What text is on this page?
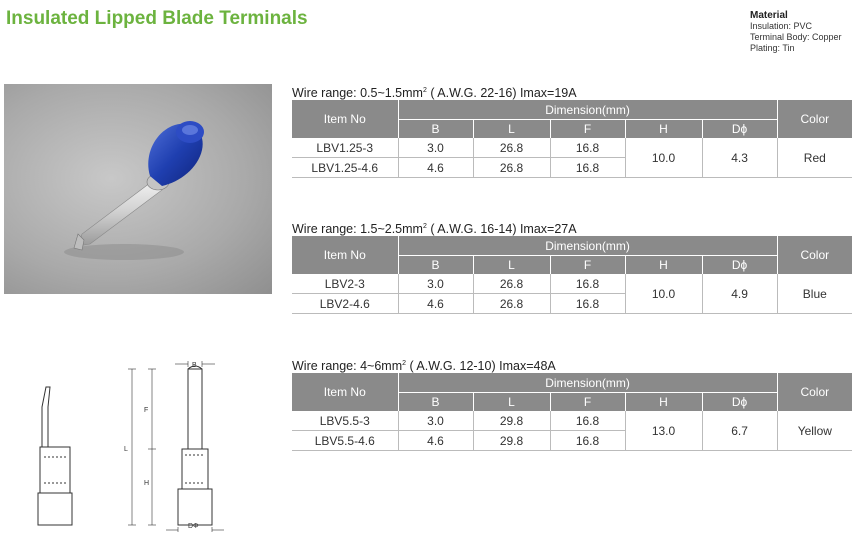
Insulated Lipped Blade Terminals	Material
Insulation: PVC
Terminal Body: Copper
Plating: Tin
B
L
F
H
DΦ
Wire range: $0.5\sim 1.5mm^2$ ( A.W.G. 22-16) Imax=19A
Item No	Dimension(mm)					Color
	B	L	F	H	Dϕ	
LBV1.25-3	3.0	26.8	16.8	10.0	4.3	Red
LBV1.25-4.6	4.6	26.8	16.8			
Wire range: $1.5\sim 2.5mm^2$ ( A.W.G. 16-14) Imax=27A
Item No	Dimension(mm)					Color
	B	L	F	H	Dϕ	
LBV2-3	3.0	26.8	16.8	10.0	4.9	Blue
LBV2-4.6	4.6	26.8	16.8			
Wire range: $4\sim 6mm^2$ ( A.W.G. 12-10) Imax=48A
Item No	Dimension(mm)					Color
	B	L	F	H	Dϕ	
LBV5.5-3	3.0	29.8	16.8	13.0	6.7	Yellow
LBV5.5-4.6	4.6	29.8	16.8			
